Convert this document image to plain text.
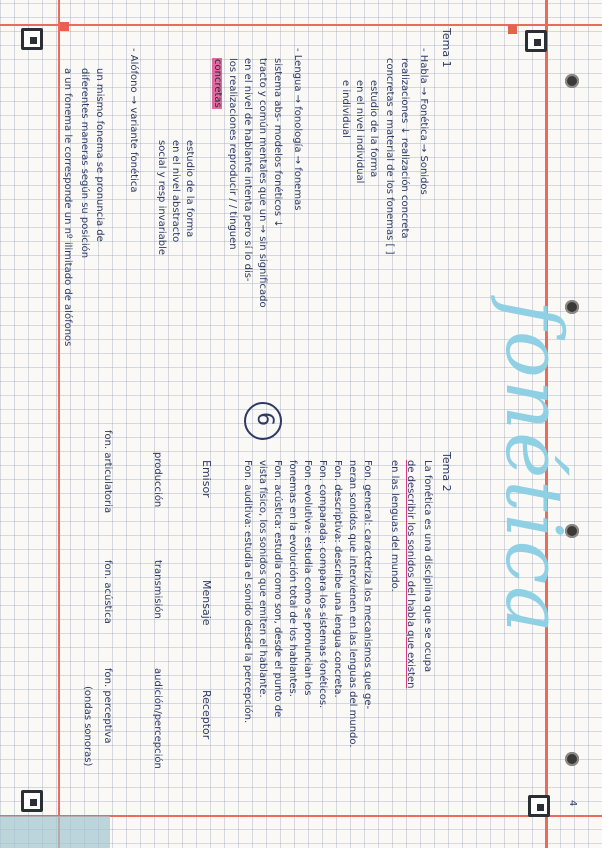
fonética
Tema 1
- Habla → Fonética → Sonidos
realizaciones ↓ realización concreta
concretas e material de los fonemas [ ]
estudio de la forma
en el nivel individual
e individual
- Lengua → fonología → fonemas
sistema abs- modelos fonéticos ↓
tracto y común mentales que un → sin significado
en el nivel de hablante intenta pero sí lo dis-
los realizaciones reproducir / / tinguen
concretas
estudio de la forma
en el nivel abstracto
social y resp invariable
- Alófono → variante fonética
un mismo fonema se pronuncia de
diferentes maneras según su posición
a un fonema le corresponde un nº ilimitado de alófonos
6
Tema 2
La fonética es una disciplina que se ocupa
de describir los sonidos del habla que existen
en las lenguas del mundo.
Fon. general: caracteriza los mecanismos que ge-
neran sonidos que intervienen en las lenguas del mundo.
Fon. descriptiva: describe una lengua concreta.
Fon. comparada: compara los sistemas fonéticos.
Fon. evolutiva: estudia como se pronuncian los
fonemas en la evolución total de los hablantes.
Fon. acústica: estudia como son, desde el punto de
vista físico, los sonidos que emiten el hablante.
Fon. auditiva: estudia el sonido desde la percepción.
Emisor
Mensaje
Receptor
producción
transmisión
audición/percepción
fon. articulatoria
fon. acústica
fon. perceptiva
(ondas sonoras)
4
